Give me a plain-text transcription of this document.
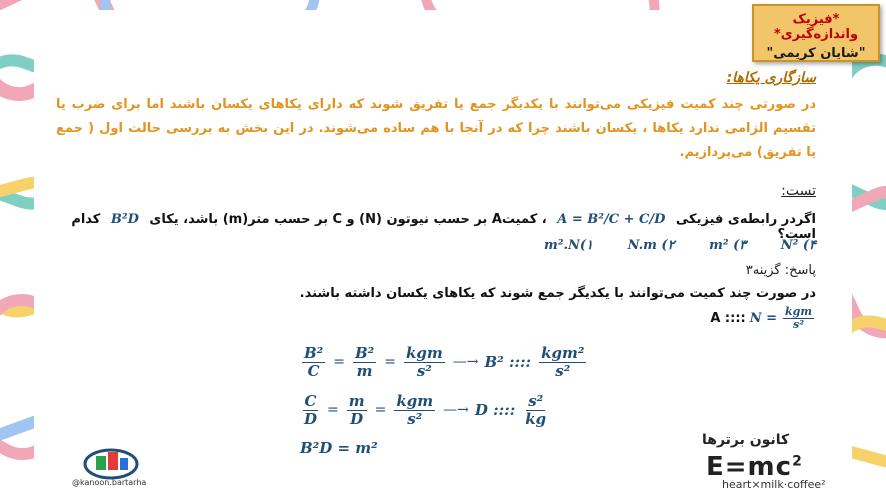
*فیزیک واندازه‌گیری*
"شایان کریمی"
سازگاری یکاها:
در صورتی چند کمیت فیزیکی می‌توانند با یکدیگر جمع یا تفریق شوند که دارای یکاهای یکسان باشند اما برای ضرب یا تقسیم الزامی ندارد یکاها ، یکسان باشند چرا که در آنجا با هم ساده می‌شوند. در این بخش به بررسی حالت اول ( جمع یا تفریق) می‌پردازیم.
تست:
اگردر رابطه‌ی فیزیکی A = B²/C + C/D ، کمیتA بر حسب نیوتون (N) و C بر حسب متر(m) باشد، یکای B²D کدام است؟
m².N(۱	N.m (۲	m² (۳	N² (۴
پاسخ: گزینه۳
در صورت چند کمیت می‌توانند با یکدیگر جمع شوند که یکاهای یکسان داشته باشند.
A :::: $N = \frac{\text{kgm}}{\text{s²}}$
$\frac{\text{B²}}{C} = \frac{\text{B²}}{m} = \frac{\text{kgm}}{\text{s²}}$ —→ B² :::: $\frac{\text{kgm²}}{\text{s²}}$
$\frac{C}{D} = \frac{m}{D} = \frac{\text{kgm}}{\text{s²}}$ —→ D :::: $\frac{\text{s²}}{kg}$
B²D = m²
@kanoon.bartarha
کانون برترها
$E=mc^2$
heart×milk·coffee²
